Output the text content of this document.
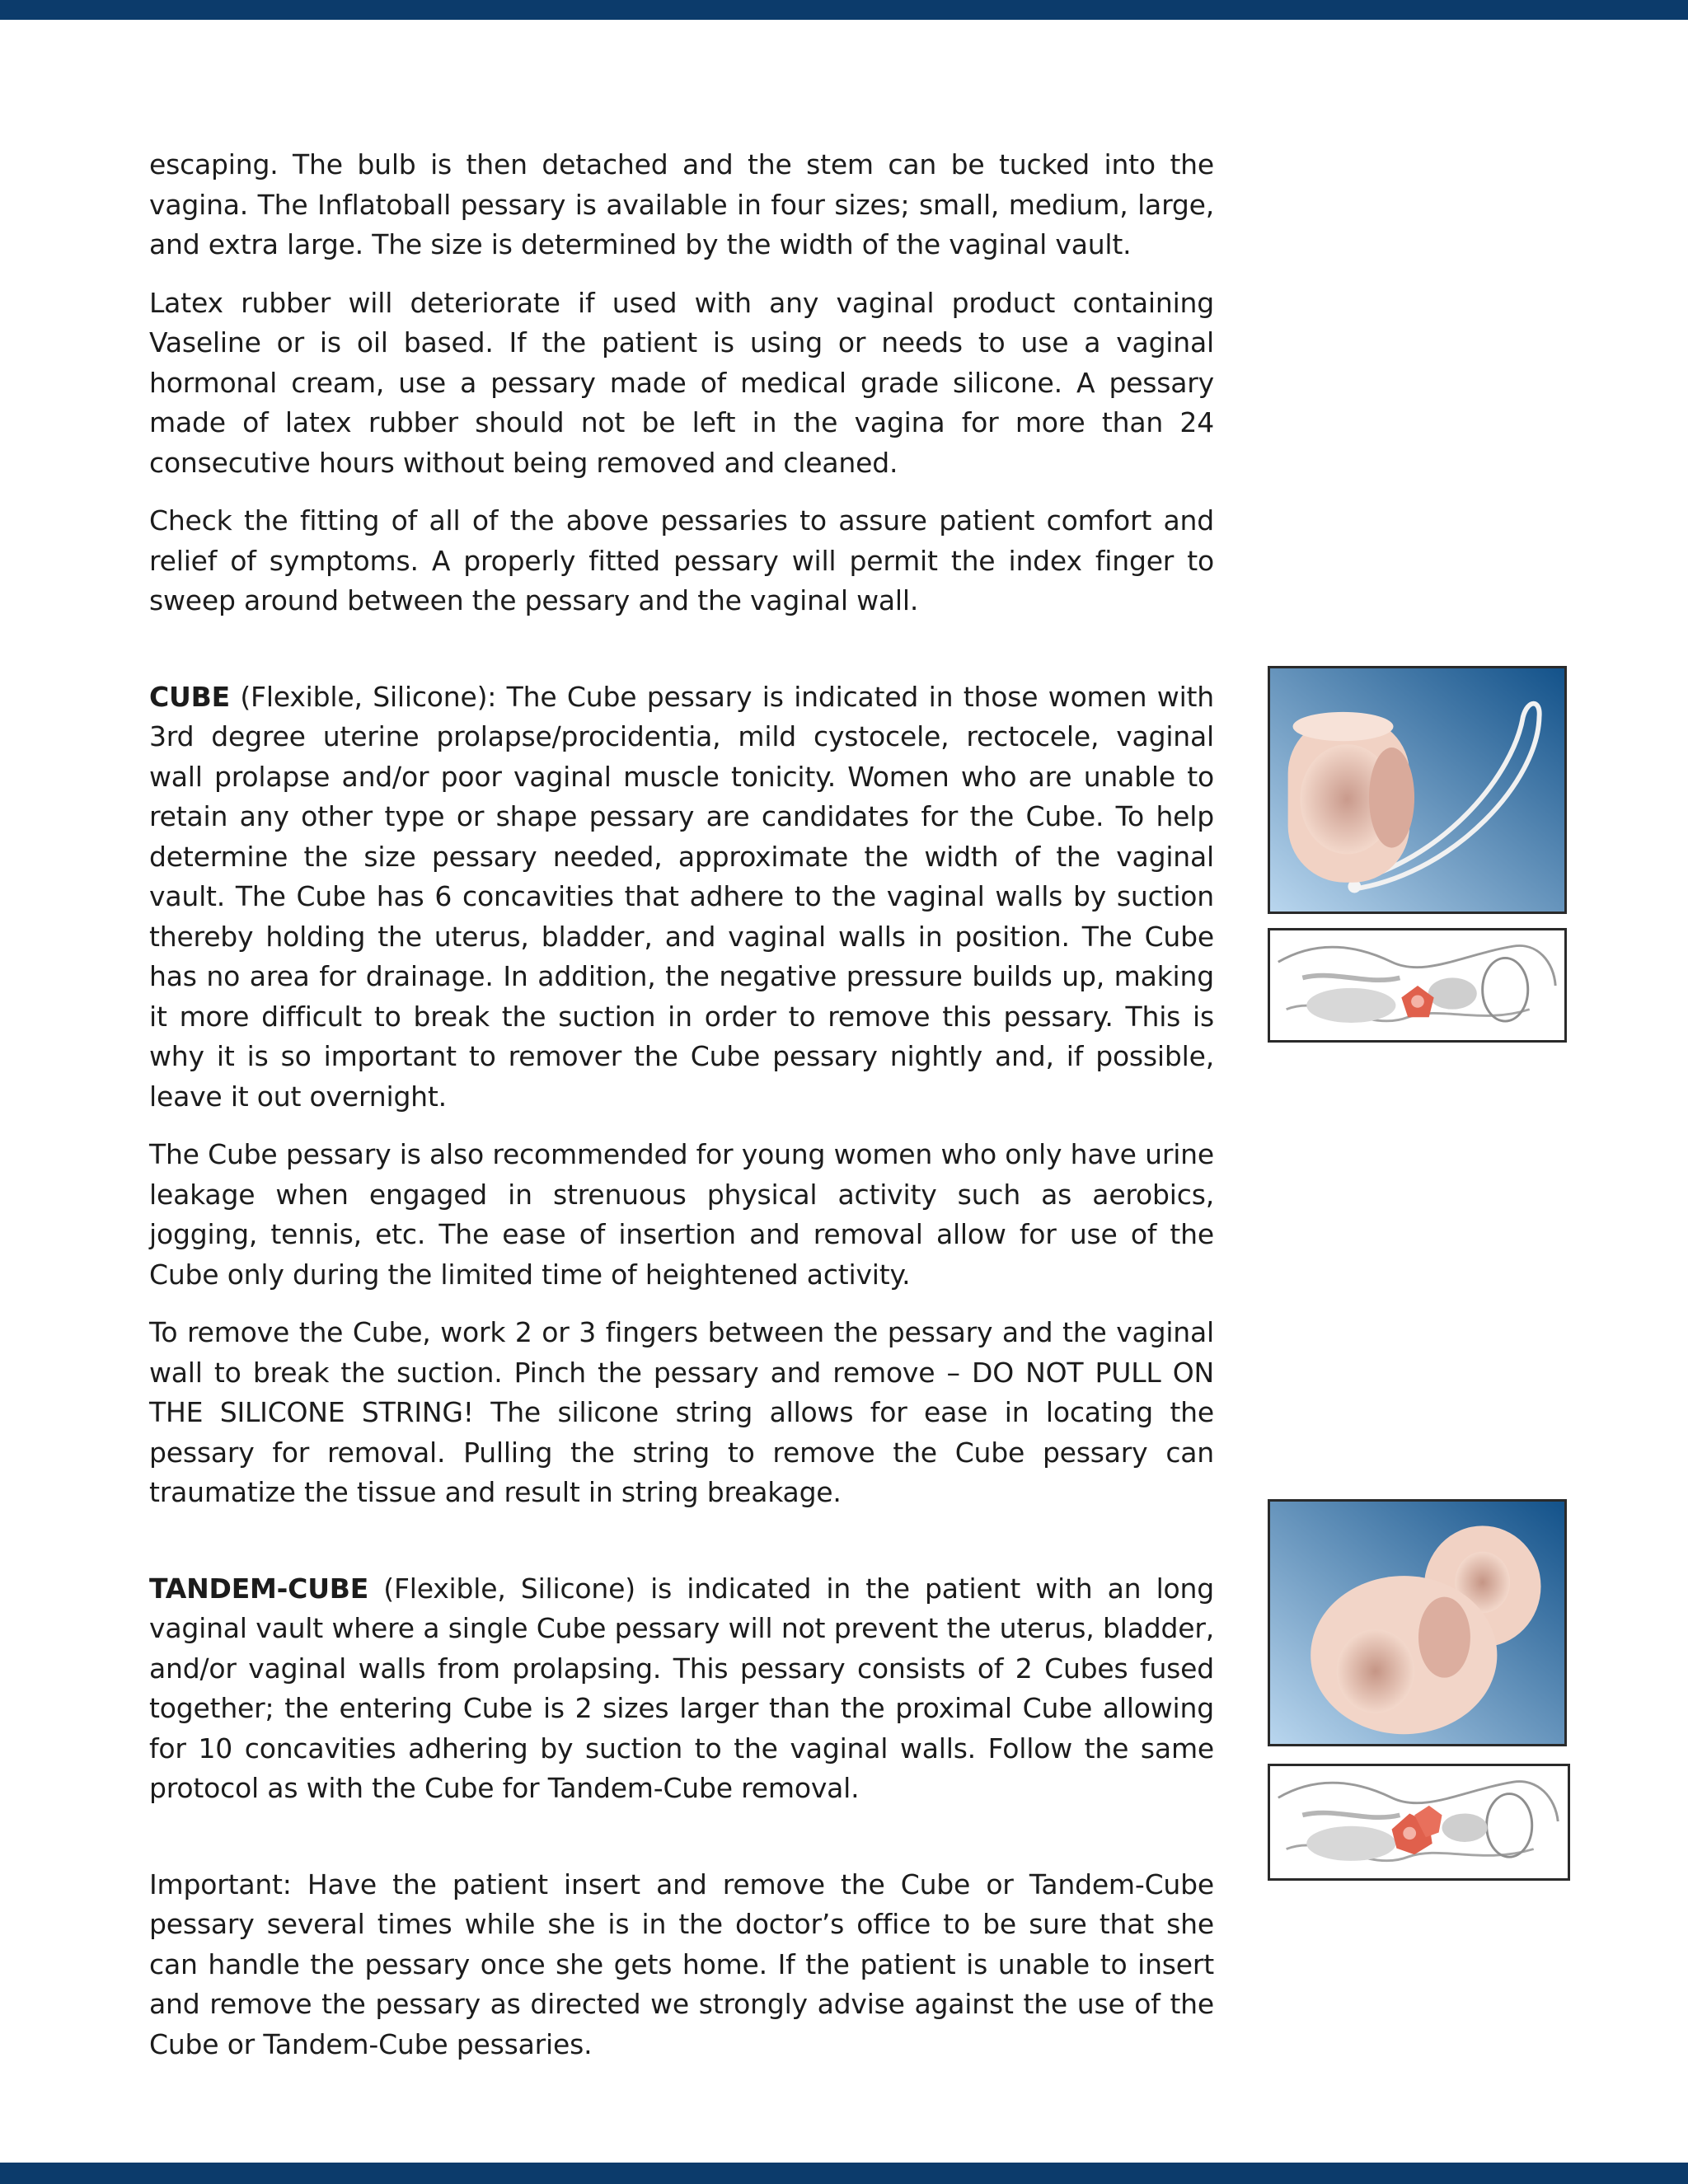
escaping. The bulb is then detached and the stem can be tucked into the vagina. The Inflatoball pessary is available in four sizes; small, medium, large, and extra large. The size is determined by the width of the vaginal vault.

Latex rubber will deteriorate if used with any vaginal product containing Vaseline or is oil based. If the patient is using or needs to use a vaginal hormonal cream, use a pessary made of medical grade silicone. A pessary made of latex rubber should not be left in the vagina for more than 24 consecutive hours without being removed and cleaned.

Check the fitting of all of the above pessaries to assure patient comfort and relief of symptoms. A properly fitted pessary will permit the index finger to sweep around between the pessary and the vaginal wall.

CUBE (Flexible, Silicone): The Cube pessary is indicated in those women with 3rd degree uterine prolapse/procidentia, mild cystocele, rectocele, vaginal wall prolapse and/or poor vaginal muscle tonicity. Women who are unable to retain any other type or shape pessary are candidates for the Cube. To help determine the size pessary needed, approximate the width of the vaginal vault. The Cube has 6 concavities that adhere to the vaginal walls by suction thereby holding the uterus, bladder, and vaginal walls in position. The Cube has no area for drainage. In addition, the negative pressure builds up, making it more difficult to break the suction in order to remove this pessary. This is why it is so important to remover the Cube pessary nightly and, if possible, leave it out overnight.

The Cube pessary is also recommended for young women who only have urine leakage when engaged in strenuous physical activity such as aerobics, jogging, tennis, etc. The ease of insertion and removal allow for use of the Cube only during the limited time of heightened activity.

To remove the Cube, work 2 or 3 fingers between the pessary and the vaginal wall to break the suction. Pinch the pessary and remove – DO NOT PULL ON THE SILICONE STRING! The silicone string allows for ease in locating the pessary for removal. Pulling the string to remove the Cube pessary can traumatize the tissue and result in string breakage.

TANDEM-CUBE (Flexible, Silicone) is indicated in the patient with an long vaginal vault where a single Cube pessary will not prevent the uterus, bladder, and/or vaginal walls from prolapsing. This pessary consists of 2 Cubes fused together; the entering Cube is 2 sizes larger than the proximal Cube allowing for 10 concavities adhering by suction to the vaginal walls. Follow the same protocol as with the Cube for Tandem-Cube removal.

Important: Have the patient insert and remove the Cube or Tandem-Cube pessary several times while she is in the doctor’s office to be sure that she can handle the pessary once she gets home. If the patient is unable to insert and remove the pessary as directed we strongly advise against the use of the Cube or Tandem-Cube pessaries.
